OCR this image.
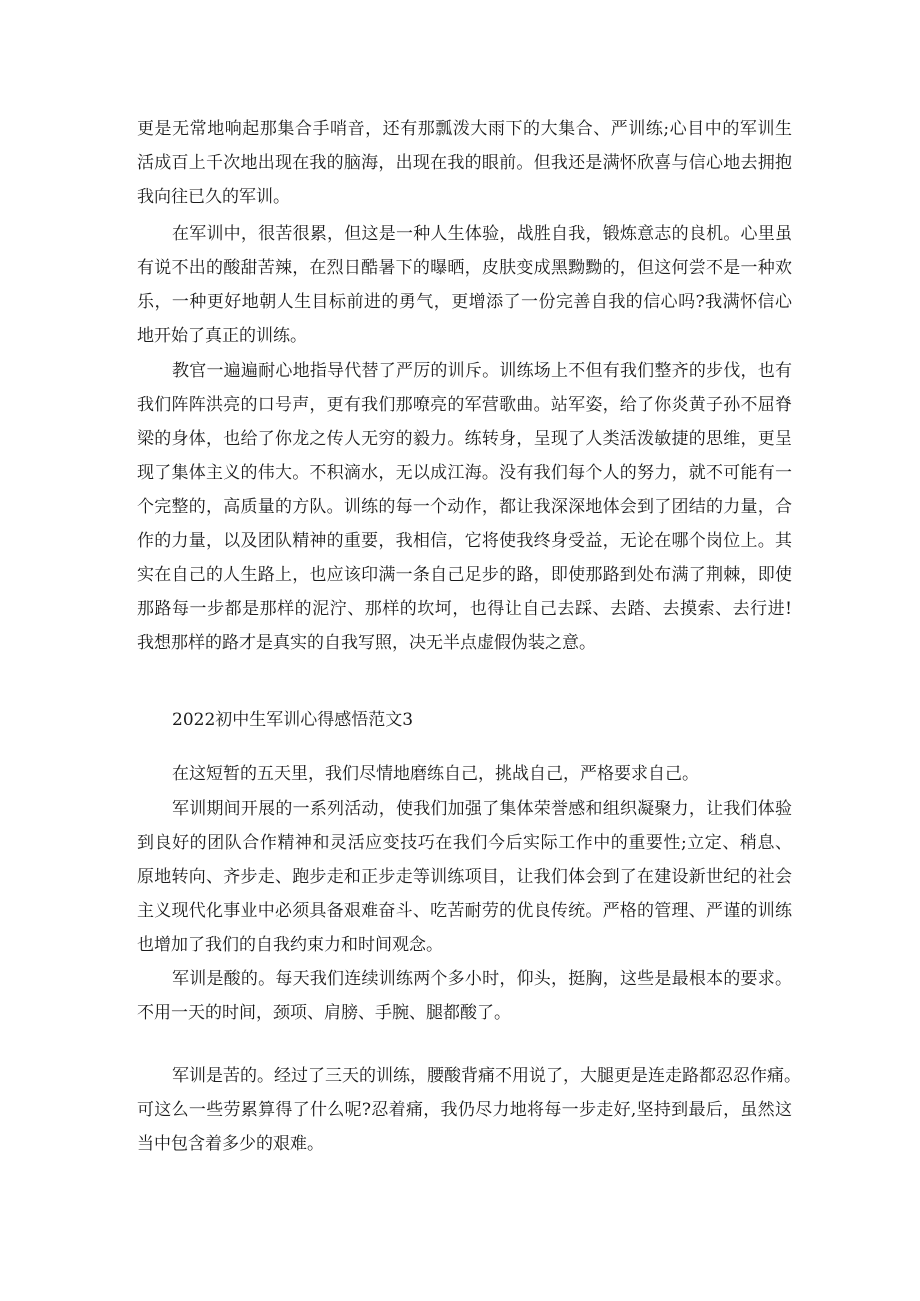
更是无常地响起那集合手哨音，还有那瓢泼大雨下的大集合、严训练;心目中的军训生
活成百上千次地出现在我的脑海，出现在我的眼前。但我还是满怀欣喜与信心地去拥抱
我向往已久的军训。
在军训中，很苦很累，但这是一种人生体验，战胜自我，锻炼意志的良机。心里虽
有说不出的酸甜苦辣，在烈日酷暑下的曝晒，皮肤变成黑黝黝的，但这何尝不是一种欢
乐，一种更好地朝人生目标前进的勇气，更增添了一份完善自我的信心吗?我满怀信心
地开始了真正的训练。
教官一遍遍耐心地指导代替了严厉的训斥。训练场上不但有我们整齐的步伐，也有
我们阵阵洪亮的口号声，更有我们那嘹亮的军营歌曲。站军姿，给了你炎黄子孙不屈脊
梁的身体，也给了你龙之传人无穷的毅力。练转身，呈现了人类活泼敏捷的思维，更呈
现了集体主义的伟大。不积滴水，无以成江海。没有我们每个人的努力，就不可能有一
个完整的，高质量的方队。训练的每一个动作，都让我深深地体会到了团结的力量，合
作的力量，以及团队精神的重要，我相信，它将使我终身受益，无论在哪个岗位上。其
实在自己的人生路上，也应该印满一条自己足步的路，即使那路到处布满了荆棘，即使
那路每一步都是那样的泥泞、那样的坎坷，也得让自己去踩、去踏、去摸索、去行进!
我想那样的路才是真实的自我写照，决无半点虚假伪装之意。
2022初中生军训心得感悟范文3
在这短暂的五天里，我们尽情地磨练自己，挑战自己，严格要求自己。
军训期间开展的一系列活动，使我们加强了集体荣誉感和组织凝聚力，让我们体验
到良好的团队合作精神和灵活应变技巧在我们今后实际工作中的重要性;立定、稍息、
原地转向、齐步走、跑步走和正步走等训练项目，让我们体会到了在建设新世纪的社会
主义现代化事业中必须具备艰难奋斗、吃苦耐劳的优良传统。严格的管理、严谨的训练
也增加了我们的自我约束力和时间观念。
军训是酸的。每天我们连续训练两个多小时，仰头，挺胸，这些是最根本的要求。
不用一天的时间，颈项、肩膀、手腕、腿都酸了。
军训是苦的。经过了三天的训练，腰酸背痛不用说了，大腿更是连走路都忍忍作痛。
可这么一些劳累算得了什么呢?忍着痛，我仍尽力地将每一步走好,坚持到最后，虽然这
当中包含着多少的艰难。
